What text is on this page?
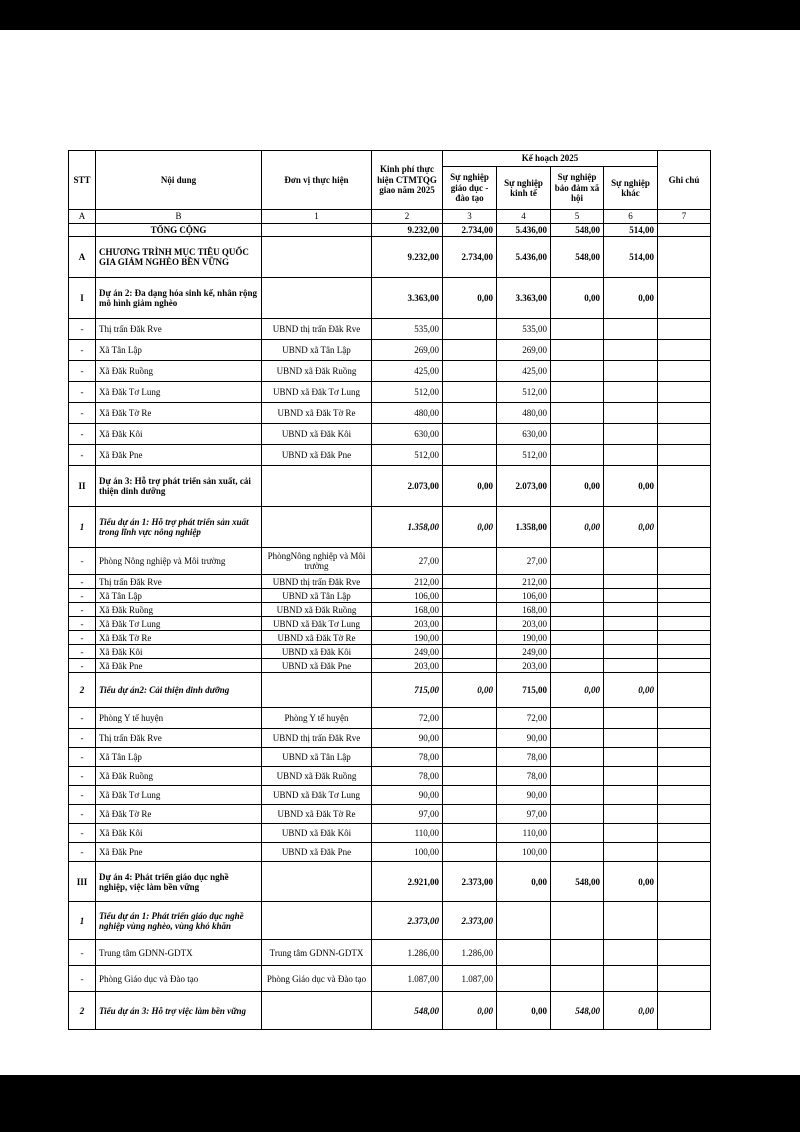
STT	Nội dung	Đơn vị thực hiện	Kinh phí thực hiện CTMTQG giao năm 2025	Kế hoạch 2025				Ghi chú
				Sự nghiệp giáo dục - đào tạo	Sự nghiệp kinh tế	Sự nghiệp bảo đảm xã hội	Sự nghiệp khác	
A	B	1	2	3	4	5	6	7
	TỔNG CỘNG		9.232,00	2.734,00	5.436,00	548,00	514,00	
A	CHƯƠNG TRÌNH MỤC TIÊU QUỐC GIA GIẢM NGHÈO BỀN VỮNG		9.232,00	2.734,00	5.436,00	548,00	514,00	
I	Dự án 2: Đa dạng hóa sinh kế, nhân rộng mô hình giảm nghèo		3.363,00	0,00	3.363,00	0,00	0,00	
-	Thị trấn Đăk Rve	UBND thị trấn Đăk Rve	535,00		535,00			
-	Xã Tân Lập	UBND xã Tân Lập	269,00		269,00			
-	Xã Đăk Ruồng	UBND xã Đăk Ruồng	425,00		425,00			
-	Xã Đăk Tơ Lung	UBND xã Đăk Tơ Lung	512,00		512,00			
-	Xã Đăk Tờ Re	UBND xã Đăk Tờ Re	480,00		480,00			
-	Xã Đăk Kôi	UBND xã Đăk Kôi	630,00		630,00			
-	Xã Đăk Pne	UBND xã Đăk Pne	512,00		512,00			
II	Dự án 3: Hỗ trợ phát triển sản xuất, cải thiện dinh dưỡng		2.073,00	0,00	2.073,00	0,00	0,00	
1	Tiểu dự án 1: Hỗ trợ phát triển sản xuất trong lĩnh vực nông nghiệp		1.358,00	0,00	1.358,00	0,00	0,00	
-	Phòng Nông nghiệp và Môi trường	PhòngNông nghiệp và Môi trường	27,00		27,00			
-	Thị trấn Đăk Rve	UBND thị trấn Đăk Rve	212,00		212,00			
-	Xã Tân Lập	UBND xã Tân Lập	106,00		106,00			
-	Xã Đăk Ruồng	UBND xã Đăk Ruồng	168,00		168,00			
-	Xã Đăk Tơ Lung	UBND xã Đăk Tơ Lung	203,00		203,00			
-	Xã Đăk Tờ Re	UBND xã Đăk Tờ Re	190,00		190,00			
-	Xã Đăk Kôi	UBND xã Đăk Kôi	249,00		249,00			
-	Xã Đăk Pne	UBND xã Đăk Pne	203,00		203,00			
2	Tiểu dự án2: Cải thiện dinh dưỡng		715,00	0,00	715,00	0,00	0,00	
-	Phòng Y tế huyện	Phòng Y tế huyện	72,00		72,00			
-	Thị trấn Đăk Rve	UBND thị trấn Đăk Rve	90,00		90,00			
-	Xã Tân Lập	UBND xã Tân Lập	78,00		78,00			
-	Xã Đăk Ruồng	UBND xã Đăk Ruồng	78,00		78,00			
-	Xã Đăk Tơ Lung	UBND xã Đăk Tơ Lung	90,00		90,00			
-	Xã Đăk Tờ Re	UBND xã Đăk Tờ Re	97,00		97,00			
-	Xã Đăk Kôi	UBND xã Đăk Kôi	110,00		110,00			
-	Xã Đăk Pne	UBND xã Đăk Pne	100,00		100,00			
III	Dự án 4: Phát triển giáo dục nghề nghiệp, việc làm bền vững		2.921,00	2.373,00	0,00	548,00	0,00	
1	Tiểu dự án 1: Phát triển giáo dục nghề nghiệp vùng nghèo, vùng khó khăn		2.373,00	2.373,00				
-	Trung tâm GDNN-GDTX	Trung tâm GDNN-GDTX	1.286,00	1.286,00				
-	Phòng Giáo dục và Đào tạo	Phòng Giáo dục và Đào tạo	1.087,00	1.087,00				
2	Tiểu dự án 3: Hỗ trợ việc làm bền vững		548,00	0,00	0,00	548,00	0,00	
